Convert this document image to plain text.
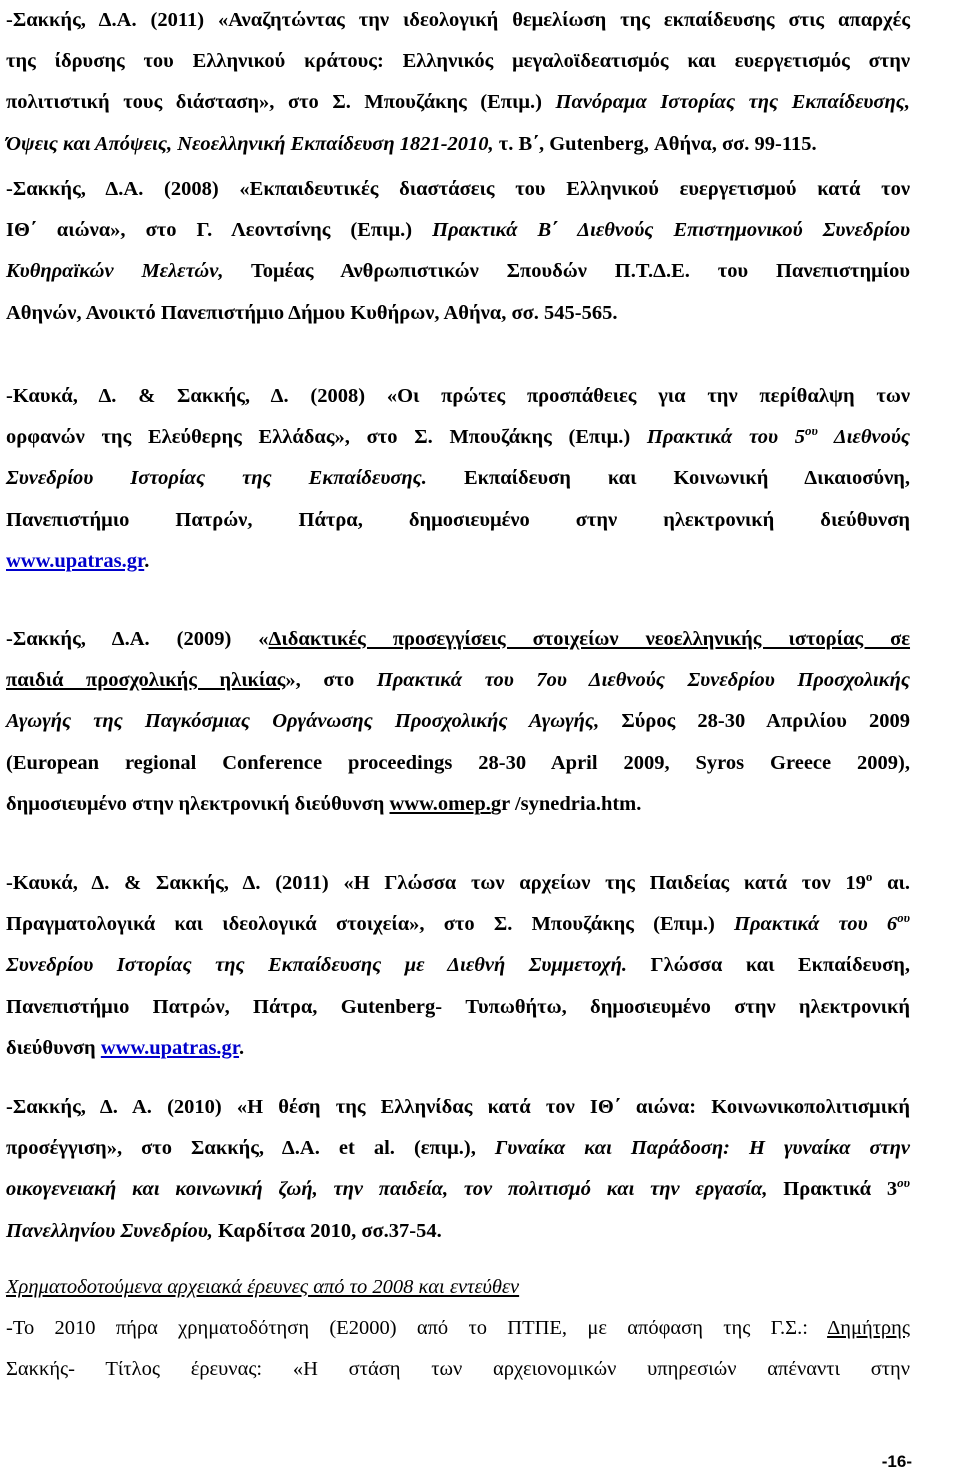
-Σακκής, Δ.Α. (2011) «Αναζητώντας την ιδεολογική θεμελίωση της εκπαίδευσης στις απαρχές
της ίδρυσης του Ελληνικού κράτους: Ελληνικός μεγαλοϊδεατισμός και ευεργετισμός στην
πολιτιστική τους διάσταση», στο Σ. Μπουζάκης (Επιμ.) Πανόραμα Ιστορίας της Εκπαίδευσης,
Όψεις και Απόψεις, Νεοελληνική Εκπαίδευση 1821-2010, τ. Β΄, Gutenberg, Αθήνα, σσ. 99-115.
-Σακκής, Δ.Α. (2008) «Εκπαιδευτικές διαστάσεις του Ελληνικού ευεργετισμού κατά τον
ΙΘ΄ αιώνα», στο Γ. Λεοντσίνης (Επιμ.) Πρακτικά Β΄ Διεθνούς Επιστημονικού Συνεδρίου
Κυθηραϊκών Μελετών, Τομέας Ανθρωπιστικών Σπουδών Π.Τ.Δ.Ε. του Πανεπιστημίου
Αθηνών, Ανοικτό Πανεπιστήμιο Δήμου Κυθήρων, Αθήνα, σσ. 545-565.
-Καυκά, Δ. & Σακκής, Δ. (2008) «Οι πρώτες προσπάθειες για την περίθαλψη των
ορφανών της Ελεύθερης Ελλάδας», στο Σ. Μπουζάκης (Επιμ.) Πρακτικά του $5^{o\upsilon}$ Διεθνούς
Συνεδρίου Ιστορίας της Εκπαίδευσης. Εκπαίδευση και Κοινωνική Δικαιοσύνη,
Πανεπιστήμιο Πατρών, Πάτρα, δημοσιευμένο στην ηλεκτρονική διεύθυνση
www.upatras.gr.
-Σακκής, Δ.Α. (2009) «Διδακτικές προσεγγίσεις στοιχείων νεοελληνικής ιστορίας σε
παιδιά προσχολικής ηλικίας», στο Πρακτικά του 7ου Διεθνούς Συνεδρίου Προσχολικής
Αγωγής της Παγκόσμιας Οργάνωσης Προσχολικής Αγωγής, Σύρος 28-30 Απριλίου 2009
(European regional Conference proceedings 28-30 April 2009, Syros Greece 2009),
δημοσιευμένο στην ηλεκτρονική διεύθυνση www.omep.gr /synedria.htm.
-Καυκά, Δ. & Σακκής, Δ. (2011) «Η Γλώσσα των αρχείων της Παιδείας κατά τον $19^o$ αι.
Πραγματολογικά και ιδεολογικά στοιχεία», στο Σ. Μπουζάκης (Επιμ.) Πρακτικά του $6^{o\upsilon}$
Συνεδρίου Ιστορίας της Εκπαίδευσης με Διεθνή Συμμετοχή. Γλώσσα και Εκπαίδευση,
Πανεπιστήμιο Πατρών, Πάτρα, Gutenberg- Τυπωθήτω, δημοσιευμένο στην ηλεκτρονική
διεύθυνση www.upatras.gr.
-Σακκής, Δ. Α. (2010) «Η θέση της Ελληνίδας κατά τον ΙΘ΄ αιώνα: Κοινωνικοπολιτισμική
προσέγγιση», στο Σακκής, Δ.Α. et al. (επιμ.), Γυναίκα και Παράδοση: Η γυναίκα στην
οικογενειακή και κοινωνική ζωή, την παιδεία, τον πολιτισμό και την εργασία, Πρακτικά $3^{o\upsilon}$
Πανελληνίου Συνεδρίου, Καρδίτσα 2010, σσ.37-54.
Χρηματοδοτούμενα αρχειακά έρευνες από το 2008 και εντεύθεν
-Το 2010 πήρα χρηματοδότηση (Ε2000) από το ΠΤΠΕ, με απόφαση της Γ.Σ.: Δημήτρης
Σακκής- Τίτλος έρευνας: «Η στάση των αρχειονομικών υπηρεσιών απέναντι στην
-16-
